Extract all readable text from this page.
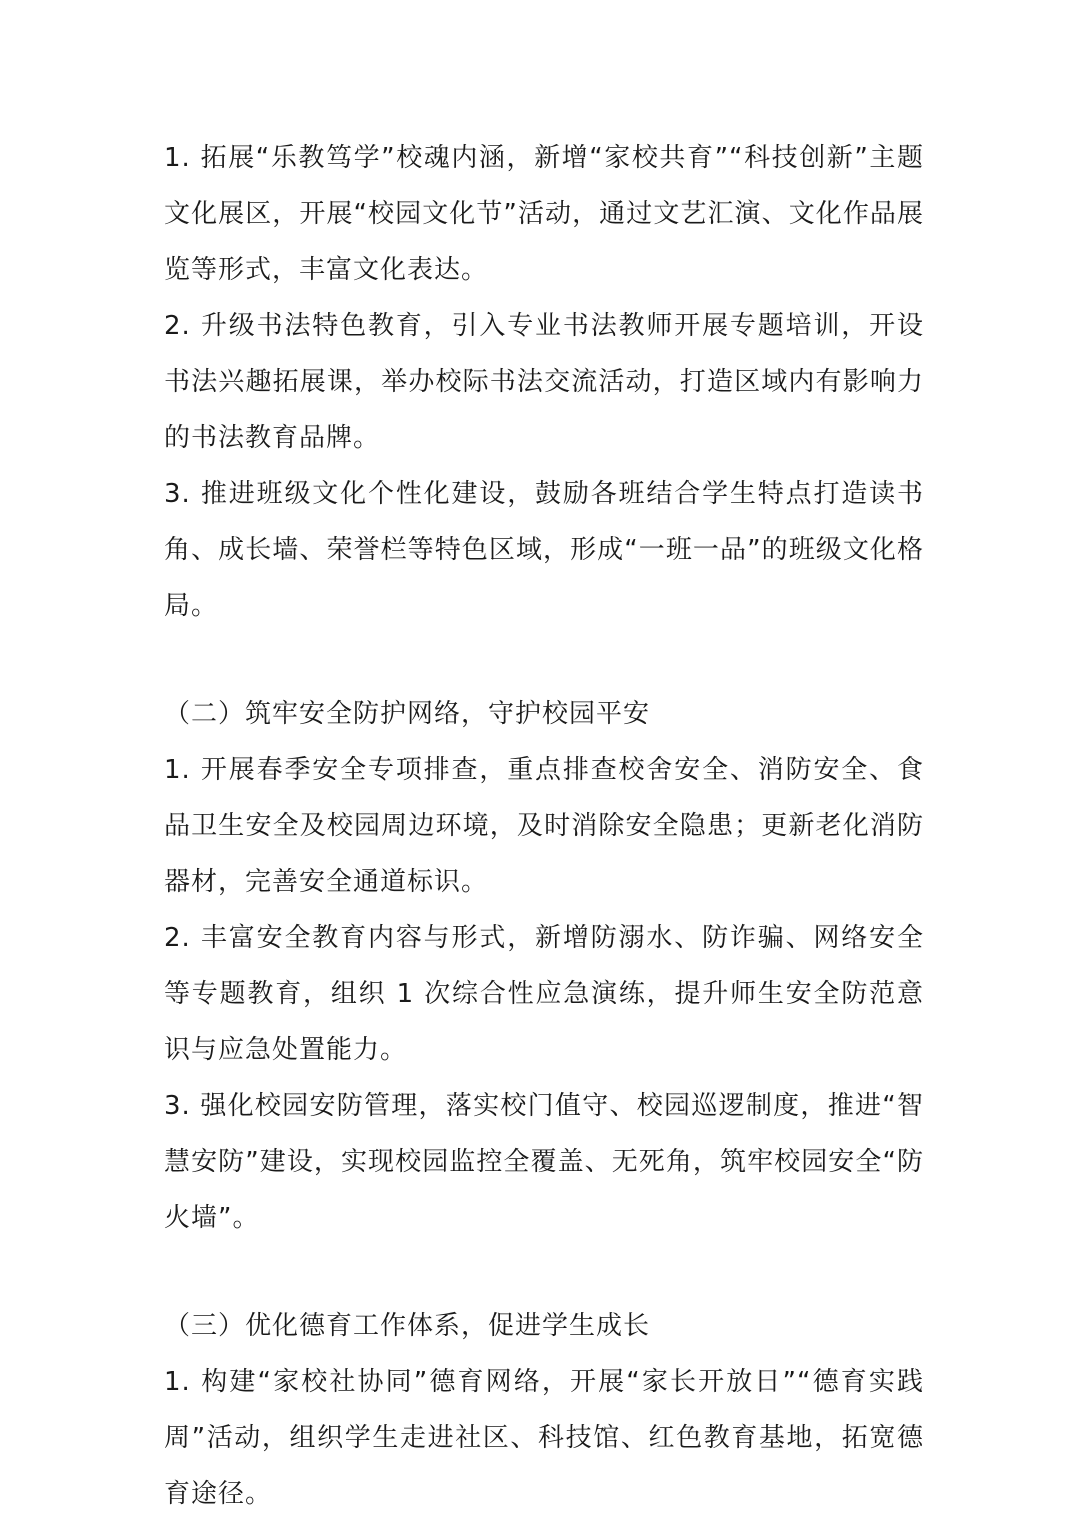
1. 拓展“乐教笃学”校魂内涵，新增“家校共育”“科技创新”主题文化展区，开展“校园文化节”活动，通过文艺汇演、文化作品展览等形式，丰富文化表达。

2. 升级书法特色教育，引入专业书法教师开展专题培训，开设书法兴趣拓展课，举办校际书法交流活动，打造区域内有影响力的书法教育品牌。

3. 推进班级文化个性化建设，鼓励各班结合学生特点打造读书角、成长墙、荣誉栏等特色区域，形成“一班一品”的班级文化格局。

（二）筑牢安全防护网络，守护校园平安

1. 开展春季安全专项排查，重点排查校舍安全、消防安全、食品卫生安全及校园周边环境，及时消除安全隐患；更新老化消防器材，完善安全通道标识。

2. 丰富安全教育内容与形式，新增防溺水、防诈骗、网络安全等专题教育，组织 1 次综合性应急演练，提升师生安全防范意识与应急处置能力。

3. 强化校园安防管理，落实校门值守、校园巡逻制度，推进“智慧安防”建设，实现校园监控全覆盖、无死角，筑牢校园安全“防火墙”。

（三）优化德育工作体系，促进学生成长

1. 构建“家校社协同”德育网络，开展“家长开放日”“德育实践周”活动，组织学生走进社区、科技馆、红色教育基地，拓宽德育途径。
